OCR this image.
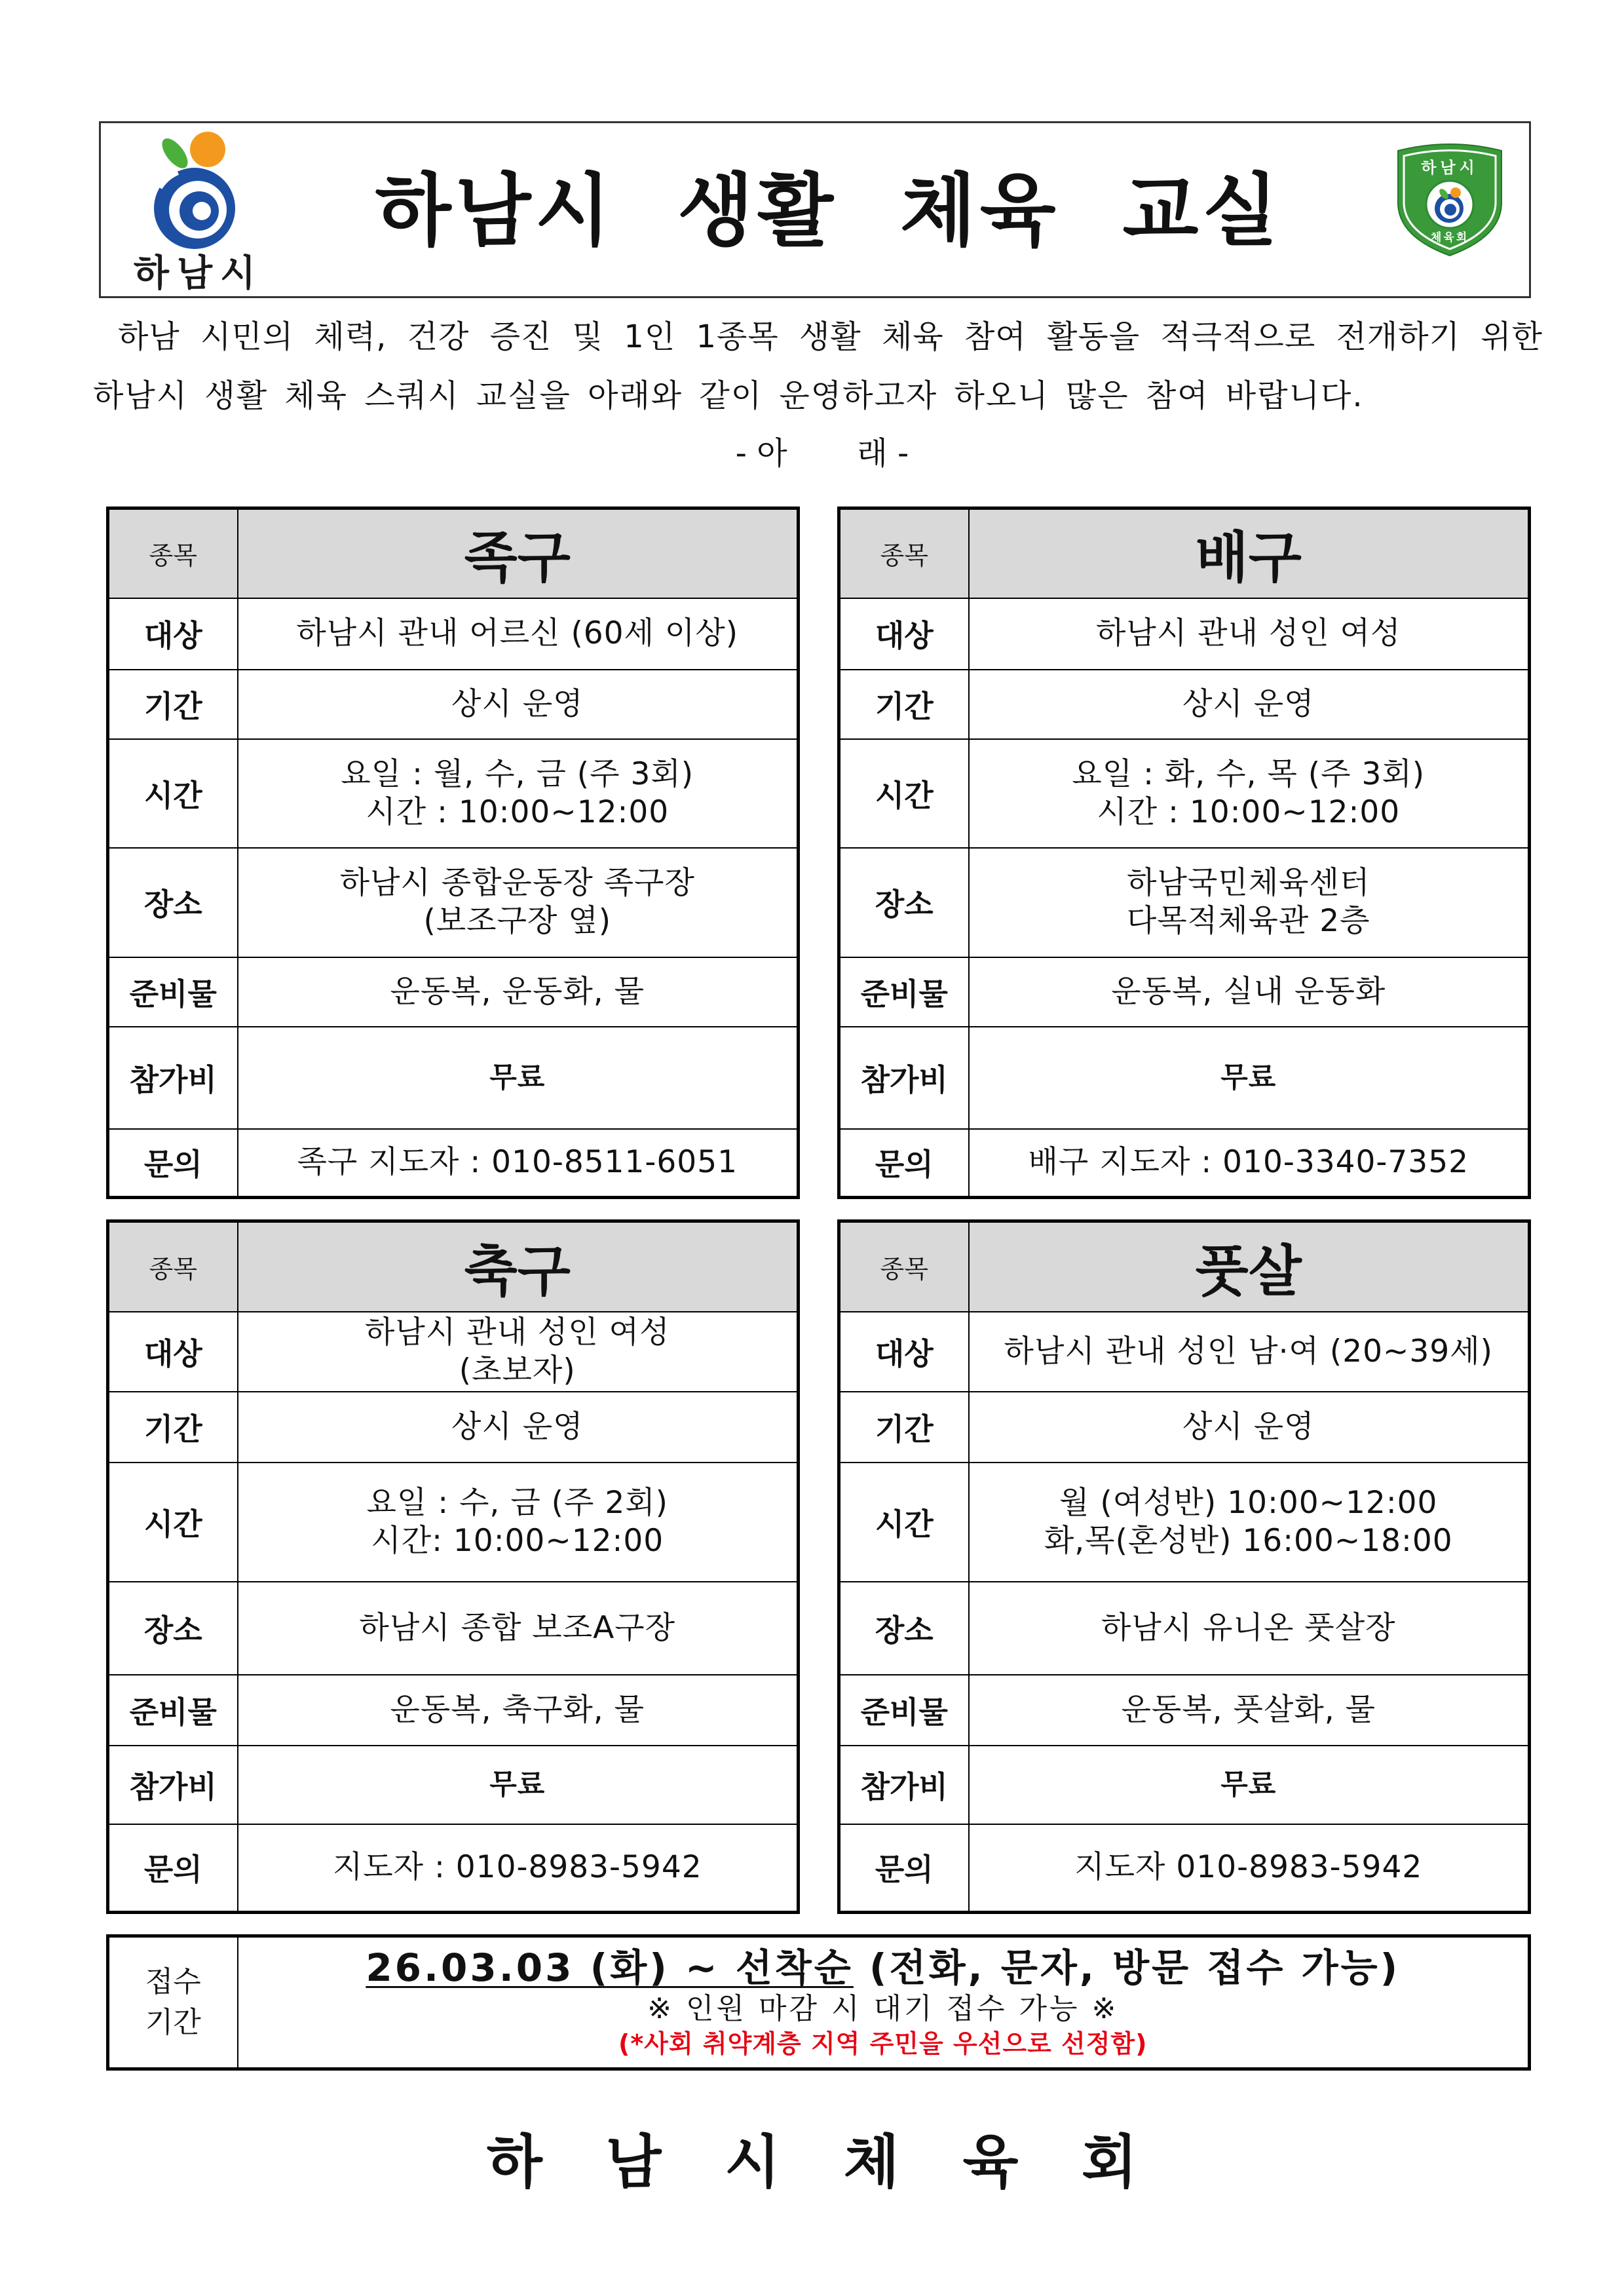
하남시
하남시 생활 체육 교실	하남시
체육회
하남 시민의 체력, 건강 증진 및 1인 1종목 생활 체육 참여 활동을 적극적으로 전개하기 위한
하남시 생활 체육 스쿼시 교실을 아래와 같이 운영하고자 하오니 많은 참여 바랍니다.
- 아       래 -
종목	족구
대상	하남시 관내 어르신 (60세 이상)

기간	상시 운영

시간	요일 : 월, 수, 금 (주 3회)
시간 : 10:00~12:00

장소	하남시 종합운동장 족구장
(보조구장 옆)

준비물	운동복, 운동화, 물

참가비	무료

문의	족구 지도자 : 010-8511-6051
종목	배구
대상	하남시 관내 성인 여성

기간	상시 운영

시간	요일 : 화, 수, 목 (주 3회)
시간 : 10:00~12:00

장소	하남국민체육센터
다목적체육관 2층

준비물	운동복, 실내 운동화

참가비	무료

문의	배구 지도자 : 010-3340-7352
종목	축구
대상	하남시 관내 성인 여성
(초보자)

기간	상시 운영

시간	요일 : 수, 금 (주 2회)
시간: 10:00~12:00

장소	하남시 종합 보조A구장

준비물	운동복, 축구화, 물

참가비	무료

문의	지도자 : 010-8983-5942
종목	풋살
대상	하남시 관내 성인 남·여 (20~39세)

기간	상시 운영

시간	월 (여성반) 10:00~12:00
화,목(혼성반) 16:00~18:00

장소	하남시 유니온 풋살장

준비물	운동복, 풋살화, 물

참가비	무료

문의	지도자 010-8983-5942
접수
기간

26.03.03 (화) ~ 선착순 (전화, 문자, 방문 접수 가능)
※ 인원 마감 시 대기 접수 가능 ※
(*사회 취약계층 지역 주민을 우선으로 선정함)
하 남 시 체 육 회
